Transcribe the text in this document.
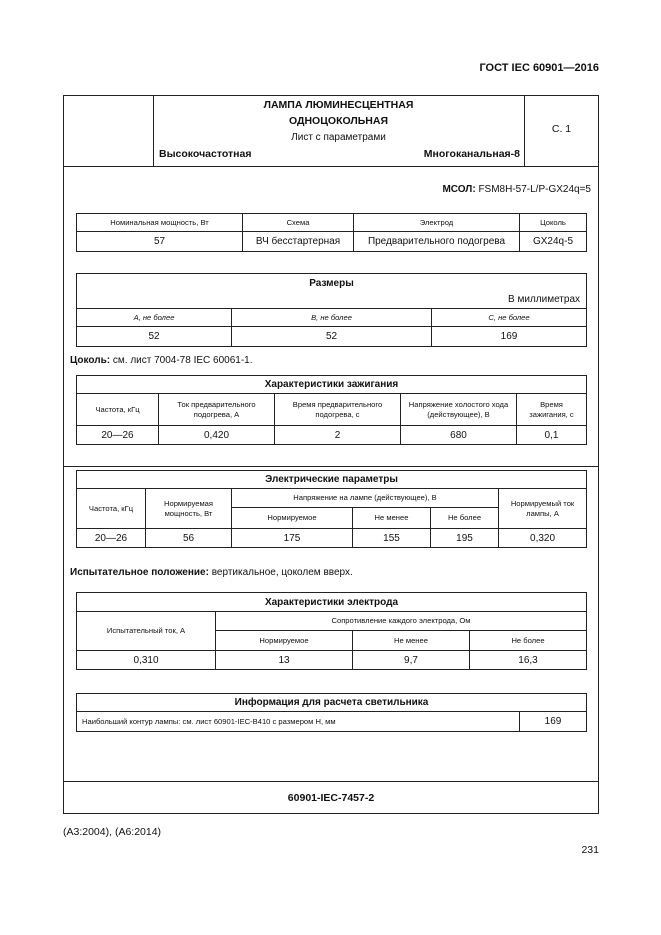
ГОСТ IEC 60901—2016
ЛАМПА ЛЮМИНЕСЦЕНТНАЯ
ОДНОЦОКОЛЬНАЯ
Лист с параметрами
Высокочастотная	Многоканальная-8
С. 1
МСОЛ: FSM8H-57-L/P-GX24q=5
Номинальная мощность, Вт	Схема	Электрод	Цоколь
57	ВЧ бесстартерная	Предварительного подогрева	GX24q-5
Размеры
В миллиметрах		

A, не более	B, не более	C, не более
52	52	169
Цоколь: см. лист 7004-78 IEC 60061-1.
Характеристики зажигания				
Частота, кГц	Ток предварительного подогрева, А	Время предварительного подогрева, с	Напряжение холостого хода (действующее), В	Время зажигания, с
20—26	0,420	2	680	0,1
Электрические параметры					
Частота, кГц	Нормируемая мощность, Вт	Напряжение на лампе (действующее), В			Нормируемый ток лампы, А
		Нормируемое	Не менее	Не более	
20—26	56	175	155	195	0,320
Испытательное положение: вертикальное, цоколем вверх.
Характеристики электрода			
Испытательный ток, А	Сопротивление каждого электрода, Ом		
	Нормируемое	Не менее	Не более
0,310	13	9,7	16,3
Информация для расчета светильника
Наибольший контур лампы: см. лист 60901-IEC-B410 с размером H, мм	169
60901-IEC-7457-2
(A3:2004), (A6:2014)
231
